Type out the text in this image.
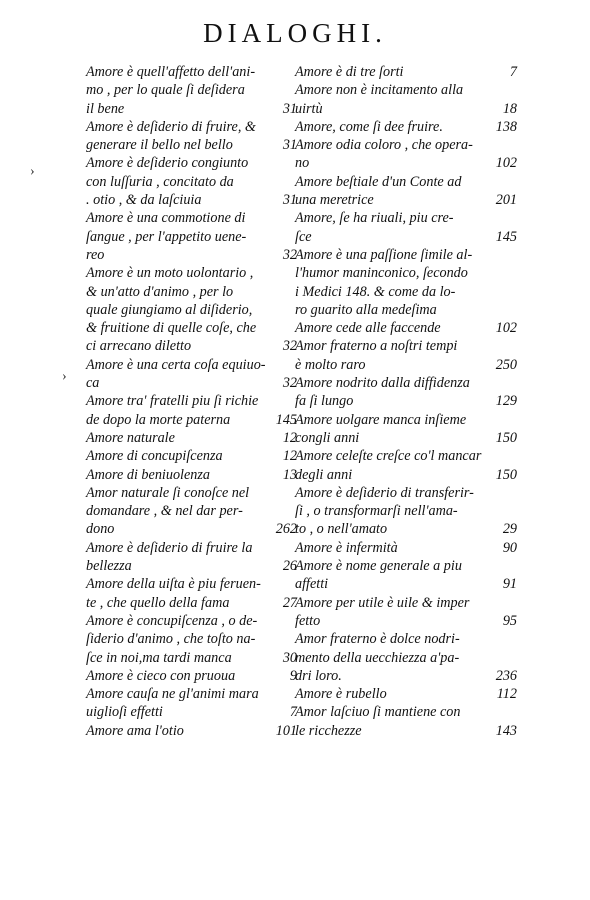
DIALOGHI.
›
›
Amore è quell'affetto dell'ani-
mo , per lo quale ſi deſidera
il bene	31
Amore è deſiderio di fruire, &
generare il bello nel bello	31
Amore è deſiderio congiunto
con luſſuria , concitato da
. otio , & da laſciuia	31
Amore è una commotione di
ſangue , per l'appetito uene-
reo	32
Amore è un moto uolontario ,
& un'atto d'animo , per lo
quale giungiamo al diſiderio,
& fruitione di quelle coſe, che
ci arrecano diletto	32
Amore è una certa coſa equiuo-
ca	32
Amore tra' fratelli piu ſi richie
de dopo la morte paterna	145
Amore naturale	12
Amore di concupiſcenza	12
Amore di beniuolenza	13
Amor naturale ſi conoſce nel
domandare , & nel dar per-
dono	262
Amore è deſiderio di fruire la
bellezza	26
Amore della uiſta è piu feruen-
te , che quello della fama	27
Amore è concupiſcenza , o de-
ſiderio d'animo , che toſto na-
ſce in noi,ma tardi manca	30
Amore è cieco con pruoua	9
Amore cauſa ne gl'animi mara
uiglioſi effetti	7
Amore ama l'otio	101
Amore è di tre ſorti	7
Amore non è incitamento alla
uirtù	18
Amore, come ſi dee fruire.	138
Amore odia coloro , che opera-
no	102
Amore beſtiale d'un Conte ad
una meretrice	201
Amore, ſe ha riuali, piu cre-
ſce	145
Amore è una paſſione ſimile al-
l'humor maninconico, ſecondo
i Medici 148. & come da lo-
ro guarito alla medeſima
Amore cede alle faccende	102
Amor fraterno a noſtri tempi
è molto raro	250
Amore nodrito dalla diffidenza
fa ſi lungo	129
Amore uolgare manca inſieme
congli anni	150
Amore celeſte creſce co'l mancar
degli anni	150
Amore è deſiderio di transferir-
ſi , o transformarſi nell'ama-
to , o nell'amato	29
Amore è infermità	90
Amore è nome generale a piu
affetti	91
Amore per utile è uile & imper
fetto	95
Amor fraterno è dolce nodri-
mento della uecchiezza a'pa-
dri loro.	236
Amore è rubello	112
Amor laſciuo ſi mantiene con
le ricchezze	143
